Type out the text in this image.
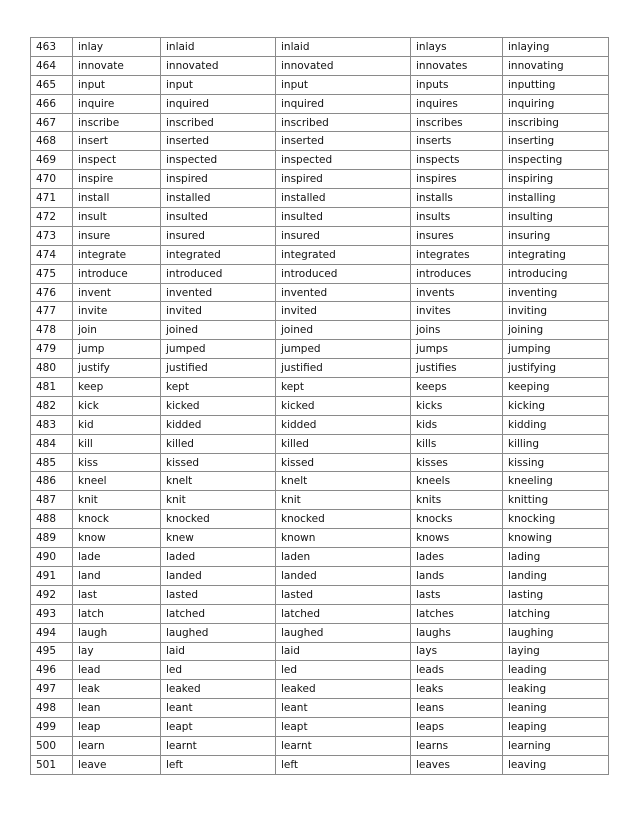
463	inlay	inlaid	inlaid	inlays	inlaying
464	innovate	innovated	innovated	innovates	innovating
465	input	input	input	inputs	inputting
466	inquire	inquired	inquired	inquires	inquiring
467	inscribe	inscribed	inscribed	inscribes	inscribing
468	insert	inserted	inserted	inserts	inserting
469	inspect	inspected	inspected	inspects	inspecting
470	inspire	inspired	inspired	inspires	inspiring
471	install	installed	installed	installs	installing
472	insult	insulted	insulted	insults	insulting
473	insure	insured	insured	insures	insuring
474	integrate	integrated	integrated	integrates	integrating
475	introduce	introduced	introduced	introduces	introducing
476	invent	invented	invented	invents	inventing
477	invite	invited	invited	invites	inviting
478	join	joined	joined	joins	joining
479	jump	jumped	jumped	jumps	jumping
480	justify	justified	justified	justifies	justifying
481	keep	kept	kept	keeps	keeping
482	kick	kicked	kicked	kicks	kicking
483	kid	kidded	kidded	kids	kidding
484	kill	killed	killed	kills	killing
485	kiss	kissed	kissed	kisses	kissing
486	kneel	knelt	knelt	kneels	kneeling
487	knit	knit	knit	knits	knitting
488	knock	knocked	knocked	knocks	knocking
489	know	knew	known	knows	knowing
490	lade	laded	laden	lades	lading
491	land	landed	landed	lands	landing
492	last	lasted	lasted	lasts	lasting
493	latch	latched	latched	latches	latching
494	laugh	laughed	laughed	laughs	laughing
495	lay	laid	laid	lays	laying
496	lead	led	led	leads	leading
497	leak	leaked	leaked	leaks	leaking
498	lean	leant	leant	leans	leaning
499	leap	leapt	leapt	leaps	leaping
500	learn	learnt	learnt	learns	learning
501	leave	left	left	leaves	leaving
